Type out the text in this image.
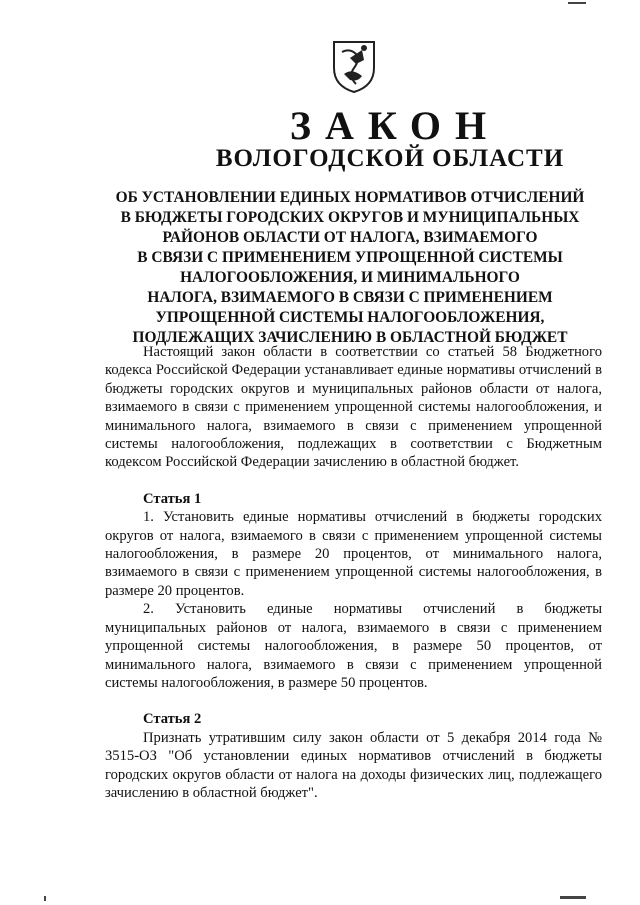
ЗАКОН
ВОЛОГОДСКОЙ ОБЛАСТИ
ОБ УСТАНОВЛЕНИИ ЕДИНЫХ НОРМАТИВОВ ОТЧИСЛЕНИЙ
В БЮДЖЕТЫ ГОРОДСКИХ ОКРУГОВ И МУНИЦИПАЛЬНЫХ
РАЙОНОВ ОБЛАСТИ ОТ НАЛОГА, ВЗИМАЕМОГО
В СВЯЗИ С ПРИМЕНЕНИЕМ УПРОЩЕННОЙ СИСТЕМЫ
НАЛОГООБЛОЖЕНИЯ, И МИНИМАЛЬНОГО
НАЛОГА, ВЗИМАЕМОГО В СВЯЗИ С ПРИМЕНЕНИЕМ
УПРОЩЕННОЙ СИСТЕМЫ НАЛОГООБЛОЖЕНИЯ,
ПОДЛЕЖАЩИХ ЗАЧИСЛЕНИЮ В ОБЛАСТНОЙ БЮДЖЕТ

Настоящий закон области в соответствии со статьей 58 Бюджетного кодекса Российской Федерации устанавливает единые нормативы отчислений в бюджеты городских округов и муниципальных районов области от налога, взимаемого в связи с применением упрощенной системы налогообложения, и минимального налога, взимаемого в связи с применением упрощенной системы налогообложения, подлежащих в соответствии с Бюджетным кодексом Российской Федерации зачислению в областной бюджет.

Статья 1

1. Установить единые нормативы отчислений в бюджеты городских округов от налога, взимаемого в связи с применением упрощенной системы налогообложения, в размере 20 процентов, от минимального налога, взимаемого в связи с применением упрощенной системы налогообложения, в размере 20 процентов.

2. Установить единые нормативы отчислений в бюджеты муниципальных районов от налога, взимаемого в связи с применением упрощенной системы налогообложения, в размере 50 процентов, от минимального налога, взимаемого в связи с применением упрощенной системы налогообложения, в размере 50 процентов.

Статья 2

Признать утратившим силу закон области от 5 декабря 2014 года № 3515-ОЗ "Об установлении единых нормативов отчислений в бюджеты городских округов области от налога на доходы физических лиц, подлежащего зачислению в областной бюджет".
